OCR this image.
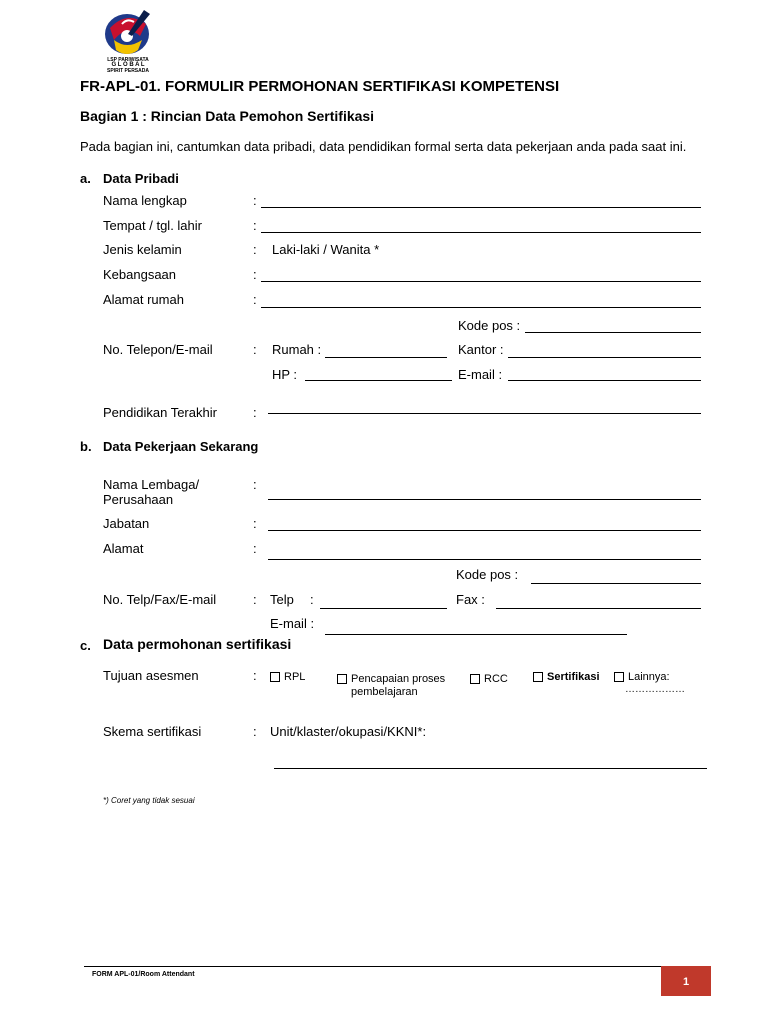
LSP PARIWISATA
G L O B A L
SPIRIT PERSADA
FR-APL-01. FORMULIR PERMOHONAN SERTIFIKASI KOMPETENSI
Bagian 1 : Rincian Data Pemohon Sertifikasi
Pada bagian ini, cantumkan data pribadi, data pendidikan formal serta data pekerjaan anda pada saat ini.
a. Data Pribadi
Nama lengkap	:
Tempat / tgl. lahir	:
Jenis kelamin	: Laki-laki / Wanita *
Kebangsaan	:
Alamat rumah	:
Kode pos :
No. Telepon/E-mail	: Rumah :	Kantor :
HP :	E-mail :
Pendidikan Terakhir	:
b. Data Pekerjaan Sekarang
Nama Lembaga/
Perusahaan
:
Jabatan	:
Alamat	:
Kode pos :
No. Telp/Fax/E-mail	: Telp :	Fax :
E-mail :
c. Data permohonan sertifikasi
Tujuan asesmen	:	RPL	Pencapaian proses
pembelajaran
RCC	Sertifikasi	Lainnya:
………………
Skema sertifikasi	: Unit/klaster/okupasi/KKNI*:
*) Coret yang tidak sesuai
FORM APL-01/Room Attendant
1
